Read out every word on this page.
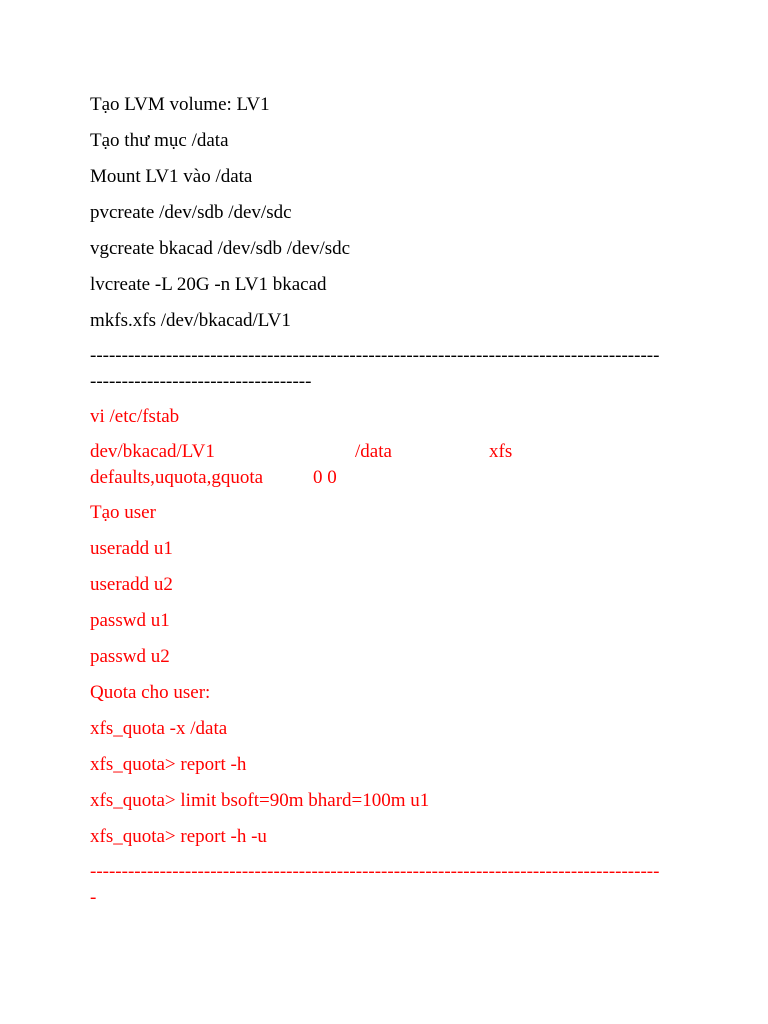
Tạo LVM volume: LV1
Tạo thư mục /data
Mount LV1 vào /data
pvcreate /dev/sdb /dev/sdc
vgcreate bkacad /dev/sdb /dev/sdc
lvcreate -L 20G -n LV1 bkacad
mkfs.xfs /dev/bkacad/LV1
------------------------------------------------------------------------------------------
-----------------------------------
vi /etc/fstab
dev/bkacad/LV1	/data	xfs
defaults,uquota,gquota	0 0
Tạo user
useradd u1
useradd u2
passwd u1
passwd u2
Quota cho user:
xfs_quota -x /data
xfs_quota> report -h
xfs_quota> limit bsoft=90m bhard=100m u1
xfs_quota> report -h -u
------------------------------------------------------------------------------------------
-
